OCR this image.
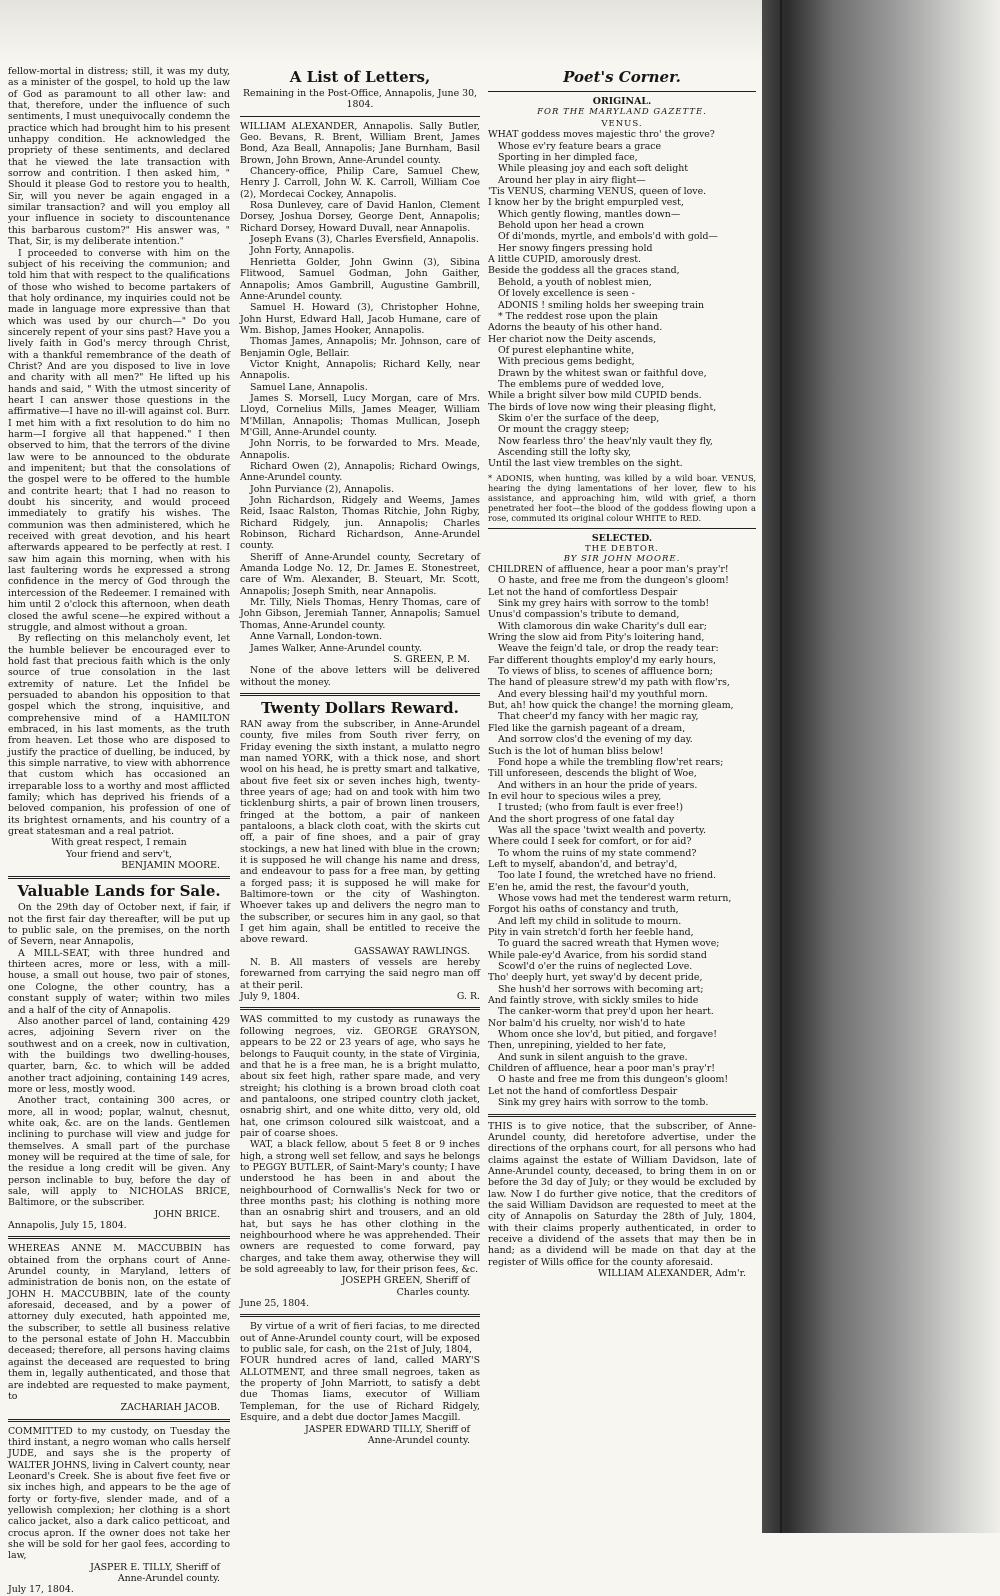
fellow-mortal in distress; still, it was my duty, as a minister of the gospel, to hold up the law of God as paramount to all other law: and that, therefore, under the influence of such sentiments, I must unequivocally condemn the practice which had brought him to his present unhappy condition. He acknowledged the propriety of these sentiments, and declared that he viewed the late transaction with sorrow and contrition. I then asked him, " Should it please God to restore you to health, Sir, will you never be again engaged in a similar transaction? and will you employ all your influence in society to discountenance this barbarous custom?" His answer was, " That, Sir, is my deliberate intention."

I proceeded to converse with him on the subject of his receiving the communion; and told him that with respect to the qualifications of those who wished to become partakers of that holy ordinance, my inquiries could not be made in language more expressive than that which was used by our church—" Do you sincerely repent of your sins past? Have you a lively faith in God's mercy through Christ, with a thankful remembrance of the death of Christ? And are you disposed to live in love and charity with all men?" He lifted up his hands and said, " With the utmost sincerity of heart I can answer those questions in the affirmative—I have no ill-will against col. Burr. I met him with a fixt resolution to do him no harm—I forgive all that happened." I then observed to him, that the terrors of the divine law were to be announced to the obdurate and impenitent; but that the consolations of the gospel were to be offered to the humble and contrite heart; that I had no reason to doubt his sincerity, and would proceed immediately to gratify his wishes. The communion was then administered, which he received with great devotion, and his heart afterwards appeared to be perfectly at rest. I saw him again this morning, when with his last faultering words he expressed a strong confidence in the mercy of God through the intercession of the Redeemer. I remained with him until 2 o'clock this afternoon, when death closed the awful scene—he expired without a struggle, and almost without a groan.

By reflecting on this melancholy event, let the humble believer be encouraged ever to hold fast that precious faith which is the only source of true consolation in the last extremity of nature. Let the Infidel be persuaded to abandon his opposition to that gospel which the strong, inquisitive, and comprehensive mind of a HAMILTON embraced, in his last moments, as the truth from heaven. Let those who are disposed to justify the practice of duelling, be induced, by this simple narrative, to view with abhorrence that custom which has occasioned an irreparable loss to a worthy and most afflicted family; which has deprived his friends of a beloved companion, his profession of one of its brightest ornaments, and his country of a great statesman and a real patriot.

With great respect, I remain

Your friend and serv't,

BENJAMIN MOORE.

Valuable Lands for Sale.

On the 29th day of October next, if fair, if not the first fair day thereafter, will be put up to public sale, on the premises, on the north of Severn, near Annapolis,

A MILL-SEAT, with three hundred and thirteen acres, more or less, with a mill-house, a small out house, two pair of stones, one Cologne, the other country, has a constant supply of water; within two miles and a half of the city of Annapolis.

Also another parcel of land, containing 429 acres, adjoining Severn river on the southwest and on a creek, now in cultivation, with the buildings two dwelling-houses, quarter, barn, &c. to which will be added another tract adjoining, containing 149 acres, more or less, mostly wood.

Another tract, containing 300 acres, or more, all in wood; poplar, walnut, chesnut, white oak, &c. are on the lands. Gentlemen inclining to purchase will view and judge for themselves. A small part of the purchase money will be required at the time of sale, for the residue a long credit will be given. Any person inclinable to buy, before the day of sale, will apply to NICHOLAS BRICE, Baltimore, or the subscriber.

JOHN BRICE.

Annapolis, July 15, 1804.

WHEREAS ANNE M. MACCUBBIN has obtained from the orphans court of Anne-Arundel county, in Maryland, letters of administration de bonis non, on the estate of JOHN H. MACCUBBIN, late of the county aforesaid, deceased, and by a power of attorney duly executed, hath appointed me, the subscriber, to settle all business relative to the personal estate of John H. Maccubbin deceased; therefore, all persons having claims against the deceased are requested to bring them in, legally authenticated, and those that are indebted are requested to make payment, to

ZACHARIAH JACOB.

COMMITTED to my custody, on Tuesday the third instant, a negro woman who calls herself JUDE, and says she is the property of WALTER JOHNS, living in Calvert county, near Leonard's Creek. She is about five feet five or six inches high, and appears to be the age of forty or forty-five, slender made, and of a yellowish complexion; her clothing is a short calico jacket, also a dark calico petticoat, and crocus apron. If the owner does not take her she will be sold for her gaol fees, according to law,

JASPER E. TILLY, Sheriff of

Anne-Arundel county.

July 17, 1804.

A List of Letters,
Remaining in the Post-Office, Annapolis, June 30, 1804.

WILLIAM ALEXANDER, Annapolis. Sally Butler, Geo. Bevans, R. Brent, William Brent, James Bond, Aza Beall, Annapolis; Jane Burnham, Basil Brown, John Brown, Anne-Arundel county.

Chancery-office, Philip Care, Samuel Chew, Henry J. Carroll, John W. K. Carroll, William Coe (2), Mordecai Cockey, Annapolis.

Rosa Dunlevey, care of David Hanlon, Clement Dorsey, Joshua Dorsey, George Dent, Annapolis; Richard Dorsey, Howard Duvall, near Annapolis.

Joseph Evans (3), Charles Eversfield, Annapolis.

John Forty, Annapolis.

Henrietta Golder, John Gwinn (3), Sibina Flitwood, Samuel Godman, John Gaither, Annapolis; Amos Gambrill, Augustine Gambrill, Anne-Arundel county.

Samuel H. Howard (3), Christopher Hohne, John Hurst, Edward Hall, Jacob Humane, care of Wm. Bishop, James Hooker, Annapolis.

Thomas James, Annapolis; Mr. Johnson, care of Benjamin Ogle, Bellair.

Victor Knight, Annapolis; Richard Kelly, near Annapolis.

Samuel Lane, Annapolis.

James S. Morsell, Lucy Morgan, care of Mrs. Lloyd, Cornelius Mills, James Meager, William M'Millan, Annapolis; Thomas Mullican, Joseph M'Gill, Anne-Arundel county.

John Norris, to be forwarded to Mrs. Meade, Annapolis.

Richard Owen (2), Annapolis; Richard Owings, Anne-Arundel county.

John Purviance (2), Annapolis.

John Richardson, Ridgely and Weems, James Reid, Isaac Ralston, Thomas Ritchie, John Rigby, Richard Ridgely, jun. Annapolis; Charles Robinson, Richard Richardson, Anne-Arundel county.

Sheriff of Anne-Arundel county, Secretary of Amanda Lodge No. 12, Dr. James E. Stonestreet, care of Wm. Alexander, B. Steuart, Mr. Scott, Annapolis; Joseph Smith, near Annapolis.

Mr. Tilly, Niels Thomas, Henry Thomas, care of John Gibson, Jeremiah Tanner, Annapolis; Samuel Thomas, Anne-Arundel county.

Anne Varnall, London-town.

James Walker, Anne-Arundel county.

S. GREEN, P. M.

None of the above letters will be delivered without the money.

Twenty Dollars Reward.

RAN away from the subscriber, in Anne-Arundel county, five miles from South river ferry, on Friday evening the sixth instant, a mulatto negro man named YORK, with a thick nose, and short wool on his head, he is pretty smart and talkative, about five feet six or seven inches high, twenty-three years of age; had on and took with him two ticklenburg shirts, a pair of brown linen trousers, fringed at the bottom, a pair of nankeen pantaloons, a black cloth coat, with the skirts cut off, a pair of fine shoes, and a pair of gray stockings, a new hat lined with blue in the crown; it is supposed he will change his name and dress, and endeavour to pass for a free man, by getting a forged pass; it is supposed he will make for Baltimore-town or the city of Washington. Whoever takes up and delivers the negro man to the subscriber, or secures him in any gaol, so that I get him again, shall be entitled to receive the above reward.

GASSAWAY RAWLINGS.

N. B. All masters of vessels are hereby forewarned from carrying the said negro man off at their peril.

July 9, 1804.	G. R.

WAS committed to my custody as runaways the following negroes, viz. GEORGE GRAYSON, appears to be 22 or 23 years of age, who says he belongs to Fauquit county, in the state of Virginia, and that he is a free man, he is a bright mulatto, about six feet high, rather spare made, and very streight; his clothing is a brown broad cloth coat and pantaloons, one striped country cloth jacket, osnabrig shirt, and one white ditto, very old, old hat, one crimson coloured silk waistcoat, and a pair of coarse shoes.

WAT, a black fellow, about 5 feet 8 or 9 inches high, a strong well set fellow, and says he belongs to PEGGY BUTLER, of Saint-Mary's county; I have understood he has been in and about the neighbourhood of Cornwallis's Neck for two or three months past; his clothing is nothing more than an osnabrig shirt and trousers, and an old hat, but says he has other clothing in the neighbourhood where he was apprehended. Their owners are requested to come forward, pay charges, and take them away, otherwise they will be sold agreeably to law, for their prison fees, &c.

JOSEPH GREEN, Sheriff of

Charles county.

June 25, 1804.

By virtue of a writ of fieri facias, to me directed out of Anne-Arundel county court, will be exposed to public sale, for cash, on the 21st of July, 1804,

FOUR hundred acres of land, called MARY'S ALLOTMENT, and three small negroes, taken as the property of John Marriott, to satisfy a debt due Thomas Iiams, executor of William Templeman, for the use of Richard Ridgely, Esquire, and a debt due doctor James Macgill.

JASPER EDWARD TILLY, Sheriff of

Anne-Arundel county.

Poet's Corner.
ORIGINAL.
FOR THE MARYLAND GAZETTE.
VENUS.
WHAT goddess moves majestic thro' the grove?
Whose ev'ry feature bears a grace
Sporting in her dimpled face,
While pleasing joy and each soft delight
Around her play in airy flight—
'Tis VENUS, charming VENUS, queen of love.
I know her by the bright empurpled vest,
Which gently flowing, mantles down—
Behold upon her head a crown
Of di'monds, myrtle, and embols'd with gold—
Her snowy fingers pressing hold
A little CUPID, amorously drest.
Beside the goddess all the graces stand,
Behold, a youth of noblest mien,
Of lovely excellence is seen -
ADONIS ! smiling holds her sweeping train
* The reddest rose upon the plain
Adorns the beauty of his other hand.
Her chariot now the Deity ascends,
Of purest elephantine white,
With precious gems bedight,
Drawn by the whitest swan or faithful dove,
The emblems pure of wedded love,
While a bright silver bow mild CUPID bends.
The birds of love now wing their pleasing flight,
Skim o'er the surface of the deep,
Or mount the craggy steep;
Now fearless thro' the heav'nly vault they fly,
Ascending still the lofty sky,
Until the last view trembles on the sight.
* ADONIS, when hunting, was killed by a wild boar. VENUS, hearing the dying lamentations of her lover, flew to his assistance, and approaching him, wild with grief, a thorn penetrated her foot—the blood of the goddess flowing upon a rose, commuted its original colour WHITE to RED.
SELECTED.
THE DEBTOR.
BY SIR JOHN MOORE.
CHILDREN of affluence, hear a poor man's pray'r!
O haste, and free me from the dungeon's gloom!
Let not the hand of comfortless Despair
Sink my grey hairs with sorrow to the tomb!
Unus'd compassion's tribute to demand,
With clamorous din wake Charity's dull ear;
Wring the slow aid from Pity's loitering hand,
Weave the feign'd tale, or drop the ready tear:
Far different thoughts employ'd my early hours,
To views of bliss, to scenes of affluence born;
The hand of pleasure strew'd my path with flow'rs,
And every blessing hail'd my youthful morn.
But, ah! how quick the change! the morning gleam,
That cheer'd my fancy with her magic ray,
Fled like the garnish pageant of a dream,
And sorrow clos'd the evening of my day.
Such is the lot of human bliss below!
Fond hope a while the trembling flow'ret rears;
Till unforeseen, descends the blight of Woe,
And withers in an hour the pride of years.
In evil hour to specious wiles a prey,
I trusted; (who from fault is ever free!)
And the short progress of one fatal day
Was all the space 'twixt wealth and poverty.
Where could I seek for comfort, or for aid?
To whom the ruins of my state commend?
Left to myself, abandon'd, and betray'd,
Too late I found, the wretched have no friend.
E'en he, amid the rest, the favour'd youth,
Whose vows had met the tenderest warm return,
Forgot his oaths of constancy and truth,
And left my child in solitude to mourn.
Pity in vain stretch'd forth her feeble hand,
To guard the sacred wreath that Hymen wove;
While pale-ey'd Avarice, from his sordid stand
Scowl'd o'er the ruins of neglected Love.
Tho' deeply hurt, yet sway'd by decent pride,
She hush'd her sorrows with becoming art;
And faintly strove, with sickly smiles to hide
The canker-worm that prey'd upon her heart.
Nor balm'd his cruelty, nor wish'd to hate
Whom once she lov'd, but pitied, and forgave!
Then, unrepining, yielded to her fate,
And sunk in silent anguish to the grave.
Children of affluence, hear a poor man's pray'r!
O haste and free me from this dungeon's gloom!
Let not the hand of comfortless Despair
Sink my grey hairs with sorrow to the tomb.

THIS is to give notice, that the subscriber, of Anne-Arundel county, did heretofore advertise, under the directions of the orphans court, for all persons who had claims against the estate of William Davidson, late of Anne-Arundel county, deceased, to bring them in on or before the 3d day of July; or they would be excluded by law. Now I do further give notice, that the creditors of the said William Davidson are requested to meet at the city of Annapolis on Saturday the 28th of July, 1804, with their claims properly authenticated, in order to receive a dividend of the assets that may then be in hand; as a dividend will be made on that day at the register of Wills office for the county aforesaid.

WILLIAM ALEXANDER, Adm'r.
